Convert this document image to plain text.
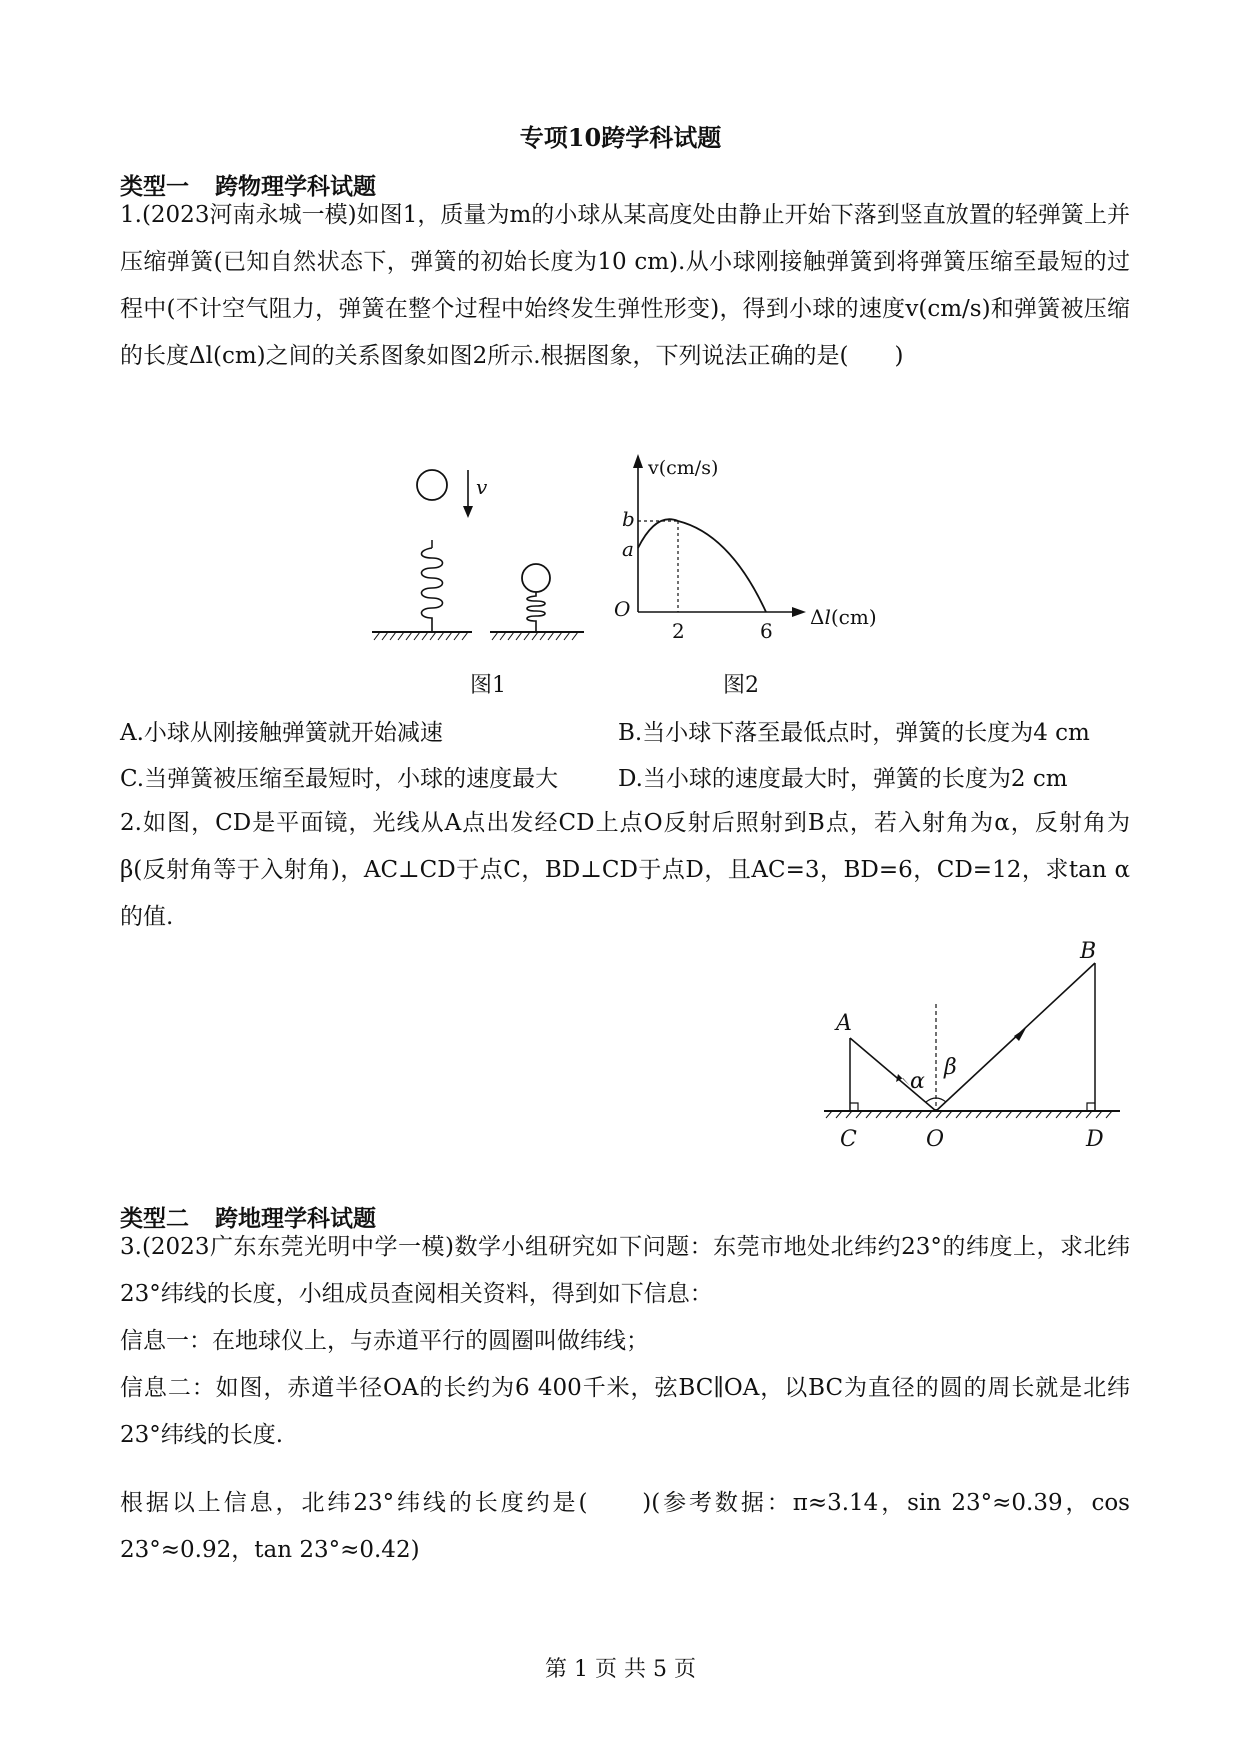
专项10跨学科试题
类型一 跨物理学科试题
1.(2023河南永城一模)如图1，质量为m的小球从某高度处由静止开始下落到竖直放置的轻弹簧上并压缩弹簧(已知自然状态下，弹簧的初始长度为10 cm).从小球刚接触弹簧到将弹簧压缩至最短的过程中(不计空气阻力，弹簧在整个过程中始终发生弹性形变)，得到小球的速度v(cm/s)和弹簧被压缩的长度Δl(cm)之间的关系图象如图2所示.根据图象，下列说法正确的是(　　)
v
v(cm/s)
Δl(cm)
O
a
b
2	6
图1	图2
A.小球从刚接触弹簧就开始减速	B.当小球下落至最低点时，弹簧的长度为4 cm
C.当弹簧被压缩至最短时，小球的速度最大	D.当小球的速度最大时，弹簧的长度为2 cm
2.如图，CD是平面镜，光线从A点出发经CD上点O反射后照射到B点，若入射角为α，反射角为β(反射角等于入射角)，AC⊥CD于点C，BD⊥CD于点D，且AC=3，BD=6，CD=12，求tan α的值.
A
B
C	O	D
α
β
类型二 跨地理学科试题
3.(2023广东东莞光明中学一模)数学小组研究如下问题：东莞市地处北纬约23°的纬度上，求北纬23°纬线的长度，小组成员查阅相关资料，得到如下信息：
信息一：在地球仪上，与赤道平行的圆圈叫做纬线；
信息二：如图，赤道半径OA的长约为6 400千米，弦BC∥OA，以BC为直径的圆的周长就是北纬23°纬线的长度.
根据以上信息，北纬23°纬线的长度约是(　　)(参考数据：π≈3.14，sin 23°≈0.39，cos 23°≈0.92，tan 23°≈0.42)
第 1 页 共 5 页
